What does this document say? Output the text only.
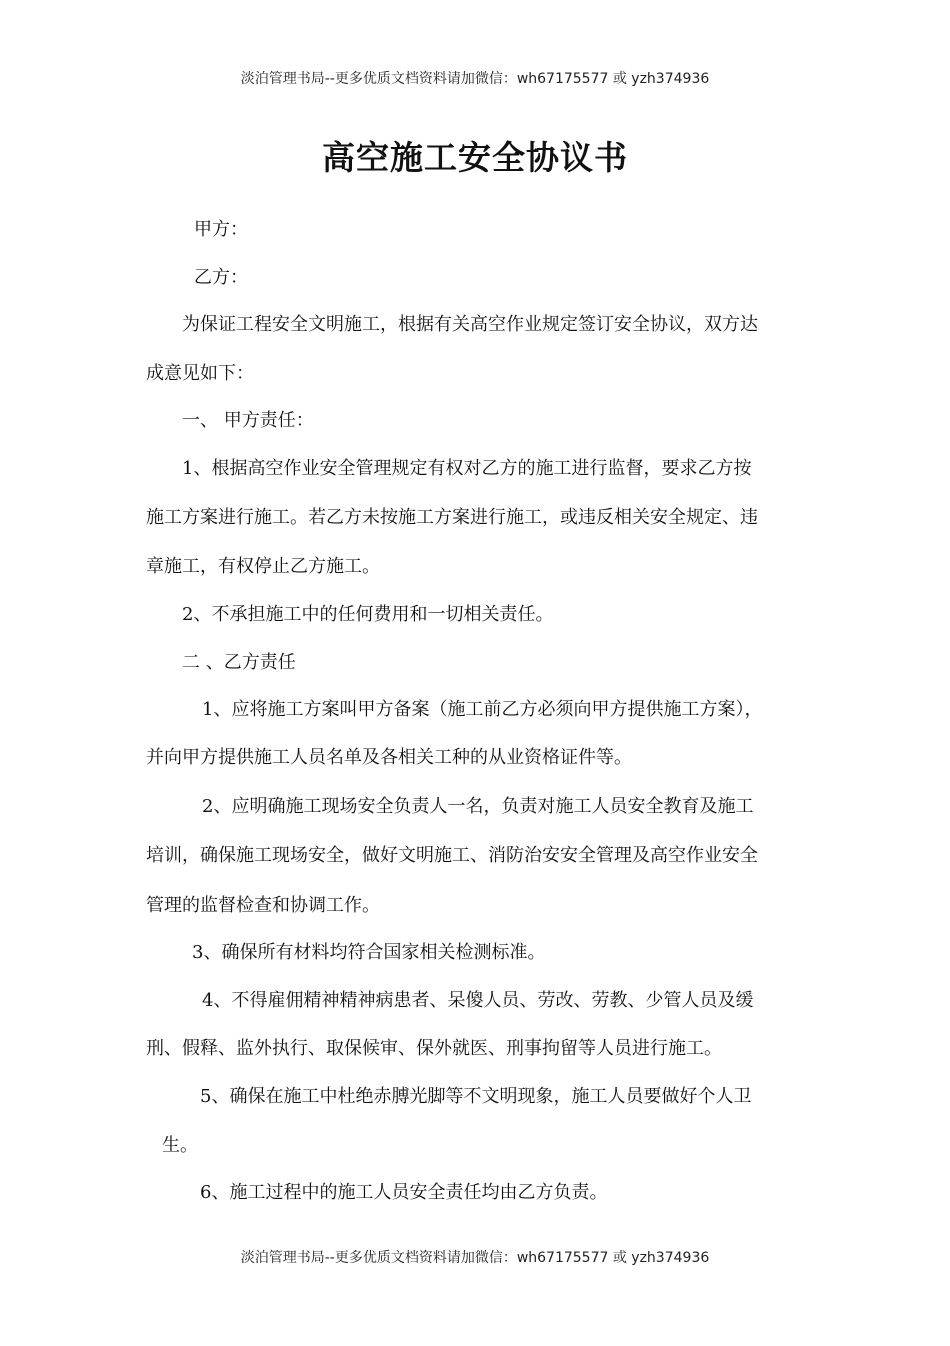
淡泊管理书局--更多优质文档资料请加微信：wh67175577 或 yzh374936
高空施工安全协议书
甲方：
乙方：
为保证工程安全文明施工，根据有关高空作业规定签订安全协议，双方达
成意见如下：
一、 甲方责任：
1、根据高空作业安全管理规定有权对乙方的施工进行监督，要求乙方按
施工方案进行施工。若乙方未按施工方案进行施工，或违反相关安全规定、违
章施工，有权停止乙方施工。
2、不承担施工中的任何费用和一切相关责任。
二 、乙方责任
1、应将施工方案叫甲方备案（施工前乙方必须向甲方提供施工方案），
并向甲方提供施工人员名单及各相关工种的从业资格证件等。
2、应明确施工现场安全负责人一名，负责对施工人员安全教育及施工
培训，确保施工现场安全，做好文明施工、消防治安安全管理及高空作业安全
管理的监督检查和协调工作。
3、确保所有材料均符合国家相关检测标准。
4、不得雇佣精神精神病患者、呆傻人员、劳改、劳教、少管人员及缓
刑、假释、监外执行、取保候审、保外就医、刑事拘留等人员进行施工。
5、确保在施工中杜绝赤膊光脚等不文明现象，施工人员要做好个人卫
生。
6、施工过程中的施工人员安全责任均由乙方负责。
淡泊管理书局--更多优质文档资料请加微信：wh67175577 或 yzh374936
